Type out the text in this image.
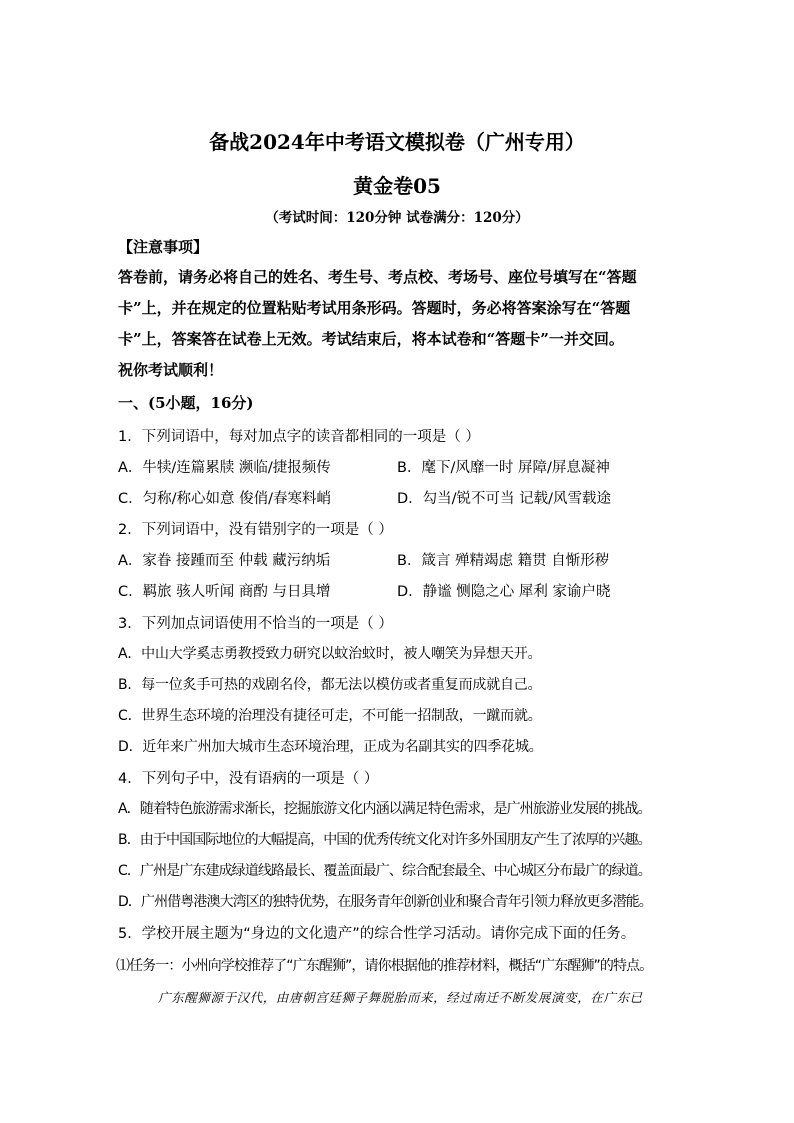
备战2024年中考语文模拟卷（广州专用）
黄金卷05
（考试时间：120分钟 试卷满分：120分）
【注意事项】
答卷前，请务必将自己的姓名、考生号、考点校、考场号、座位号填写在“答题
卡”上，并在规定的位置粘贴考试用条形码。答题时，务必将答案涂写在“答题
卡”上，答案答在试卷上无效。考试结束后，将本试卷和“答题卡”一并交回。
祝你考试顺利！
一、(5小题，16分)
1．下列词语中，每对加点字的读音都相同的一项是（ ）
A．牛犊/连篇累牍 濒临/捷报频传	B．麾下/风靡一时 屏障/屏息凝神
C．匀称/称心如意 俊俏/春寒料峭	D．勾当/锐不可当 记载/风雪载途
2．下列词语中，没有错别字的一项是（ ）
A．家眷 接踵而至 仲载 藏污纳垢	B．箴言 殚精竭虑 籍贯 自惭形秽
C．羁旅 骇人听闻 商酌 与日具增	D．静谧 恻隐之心 犀利 家谕户晓
3．下列加点词语使用不恰当的一项是（ ）
A．中山大学奚志勇教授致力研究以蚊治蚊时，被人嘲笑为异想天开。
B．每一位炙手可热的戏剧名伶，都无法以模仿或者重复而成就自己。
C．世界生态环境的治理没有捷径可走，不可能一招制敌，一蹴而就。
D．近年来广州加大城市生态环境治理，正成为名副其实的四季花城。
4．下列句子中，没有语病的一项是（ ）
A．随着特色旅游需求渐长，挖掘旅游文化内涵以满足特色需求，是广州旅游业发展的挑战。
B．由于中国国际地位的大幅提高，中国的优秀传统文化对许多外国朋友产生了浓厚的兴趣。
C．广州是广东建成绿道线路最长、覆盖面最广、综合配套最全、中心城区分布最广的绿道。
D．广州借粤港澳大湾区的独特优势，在服务青年创新创业和聚合青年引领力释放更多潜能。
5．学校开展主题为“身边的文化遗产”的综合性学习活动。请你完成下面的任务。
⑴任务一：小州向学校推荐了“广东醒狮”，请你根据他的推荐材料，概括“广东醒狮”的特点。
广东醒狮源于汉代，由唐朝宫廷狮子舞脱胎而来，经过南迁不断发展演变，在广东已
